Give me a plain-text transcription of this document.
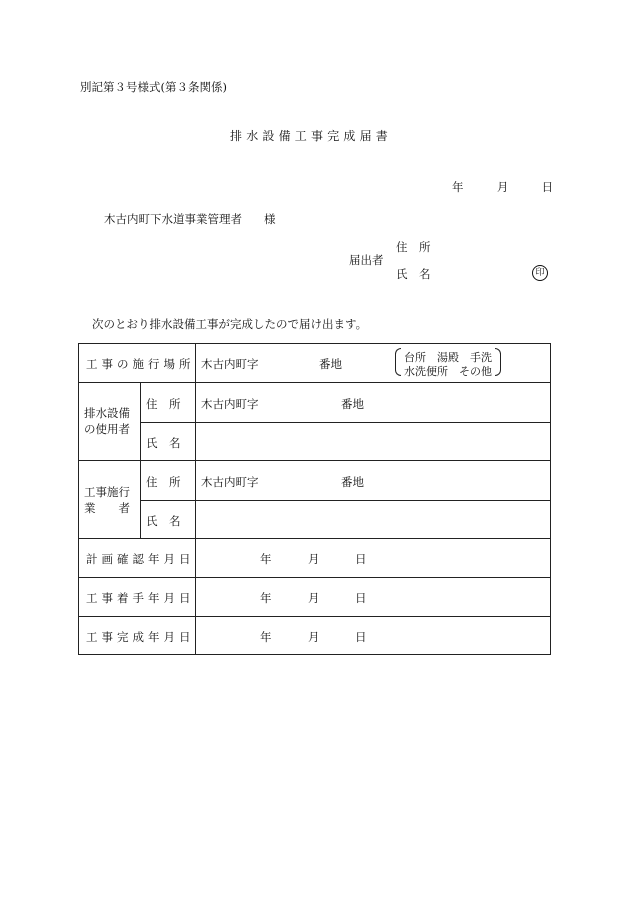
別記第３号様式(第３条関係)
排水設備工事完成届書
年	月	日
木古内町下水道事業管理者 様
届出者
住　所
氏　名	印
次のとおり排水設備工事が完成したので届け出ます。
工事の施行場所 木古内町字	番地	台所　湯殿　手洗
水洗便所　その他
排水設備
の使用者
住　所 木古内町字	番地
氏　名
工事施行
業　　者
住　所 木古内町字	番地
氏　名
計画確認年月日	年	月	日
工事着手年月日	年	月	日
工事完成年月日	年	月	日
